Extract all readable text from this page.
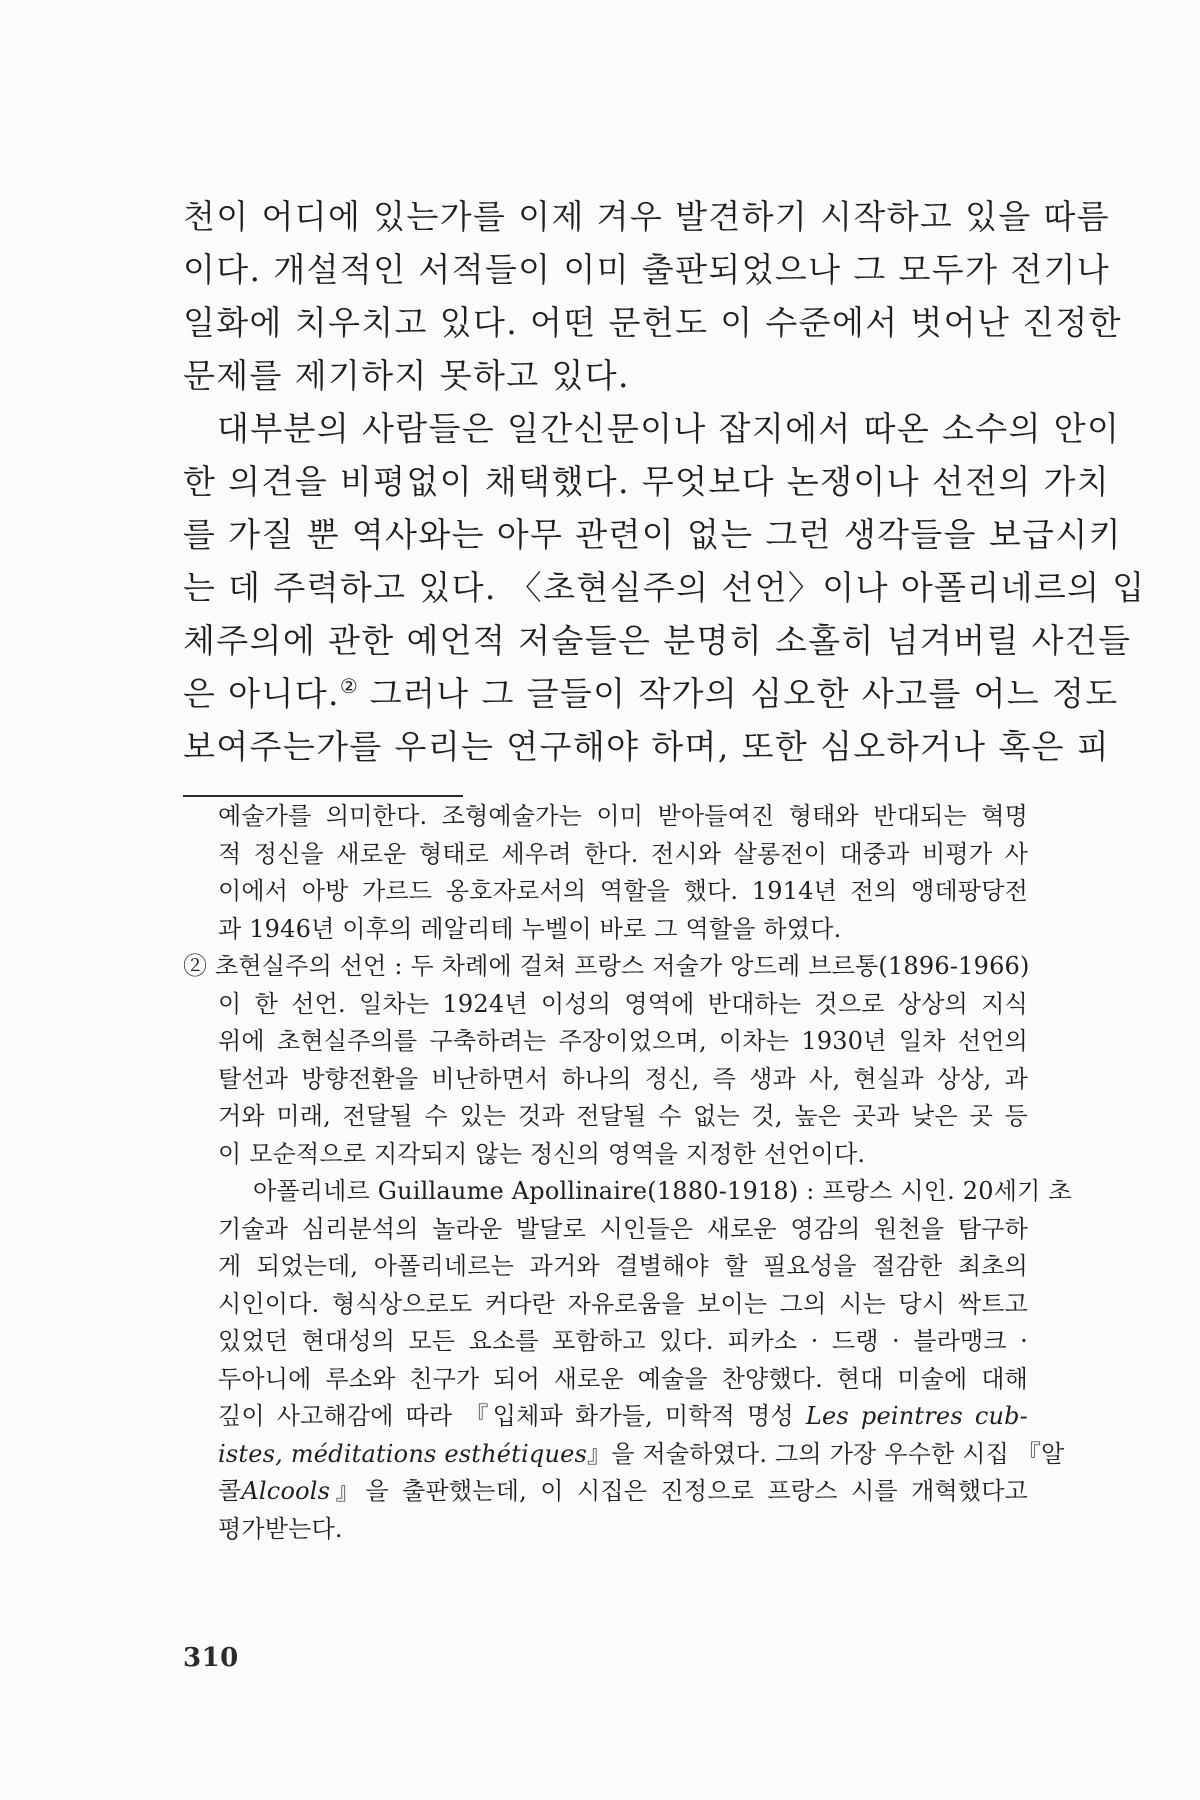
천이 어디에 있는가를 이제 겨우 발견하기 시작하고 있을 따름
이다. 개설적인 서적들이 이미 출판되었으나 그 모두가 전기나
일화에 치우치고 있다. 어떤 문헌도 이 수준에서 벗어난 진정한
문제를 제기하지 못하고 있다.
대부분의 사람들은 일간신문이나 잡지에서 따온 소수의 안이
한 의견을 비평없이 채택했다. 무엇보다 논쟁이나 선전의 가치
를 가질 뿐 역사와는 아무 관련이 없는 그런 생각들을 보급시키
는 데 주력하고 있다. 〈초현실주의 선언〉이나 아폴리네르의 입
체주의에 관한 예언적 저술들은 분명히 소홀히 넘겨버릴 사건들
은 아니다.② 그러나 그 글들이 작가의 심오한 사고를 어느 정도
보여주는가를 우리는 연구해야 하며, 또한 심오하거나 혹은 피
예술가를 의미한다. 조형예술가는 이미 받아들여진 형태와 반대되는 혁명
적 정신을 새로운 형태로 세우려 한다. 전시와 살롱전이 대중과 비평가 사
이에서 아방 가르드 옹호자로서의 역할을 했다. 1914년 전의 앵데팡당전
과 1946년 이후의 레알리테 누벨이 바로 그 역할을 하였다.
② 초현실주의 선언 : 두 차례에 걸쳐 프랑스 저술가 앙드레 브르통(1896-1966)
이 한 선언. 일차는 1924년 이성의 영역에 반대하는 것으로 상상의 지식
위에 초현실주의를 구축하려는 주장이었으며, 이차는 1930년 일차 선언의
탈선과 방향전환을 비난하면서 하나의 정신, 즉 생과 사, 현실과 상상, 과
거와 미래, 전달될 수 있는 것과 전달될 수 없는 것, 높은 곳과 낮은 곳 등
이 모순적으로 지각되지 않는 정신의 영역을 지정한 선언이다.
아폴리네르 Guillaume Apollinaire(1880-1918) : 프랑스 시인. 20세기 초
기술과 심리분석의 놀라운 발달로 시인들은 새로운 영감의 원천을 탐구하
게 되었는데, 아폴리네르는 과거와 결별해야 할 필요성을 절감한 최초의
시인이다. 형식상으로도 커다란 자유로움을 보이는 그의 시는 당시 싹트고
있었던 현대성의 모든 요소를 포함하고 있다. 피카소 · 드랭 · 블라맹크 ·
두아니에 루소와 친구가 되어 새로운 예술을 찬양했다. 현대 미술에 대해
깊이 사고해감에 따라 『입체파 화가들, 미학적 명성 Les peintres cub-
istes, méditations esthétiques』을 저술하였다. 그의 가장 우수한 시집 『알
콜Alcools』을 출판했는데, 이 시집은 진정으로 프랑스 시를 개혁했다고
평가받는다.
310
